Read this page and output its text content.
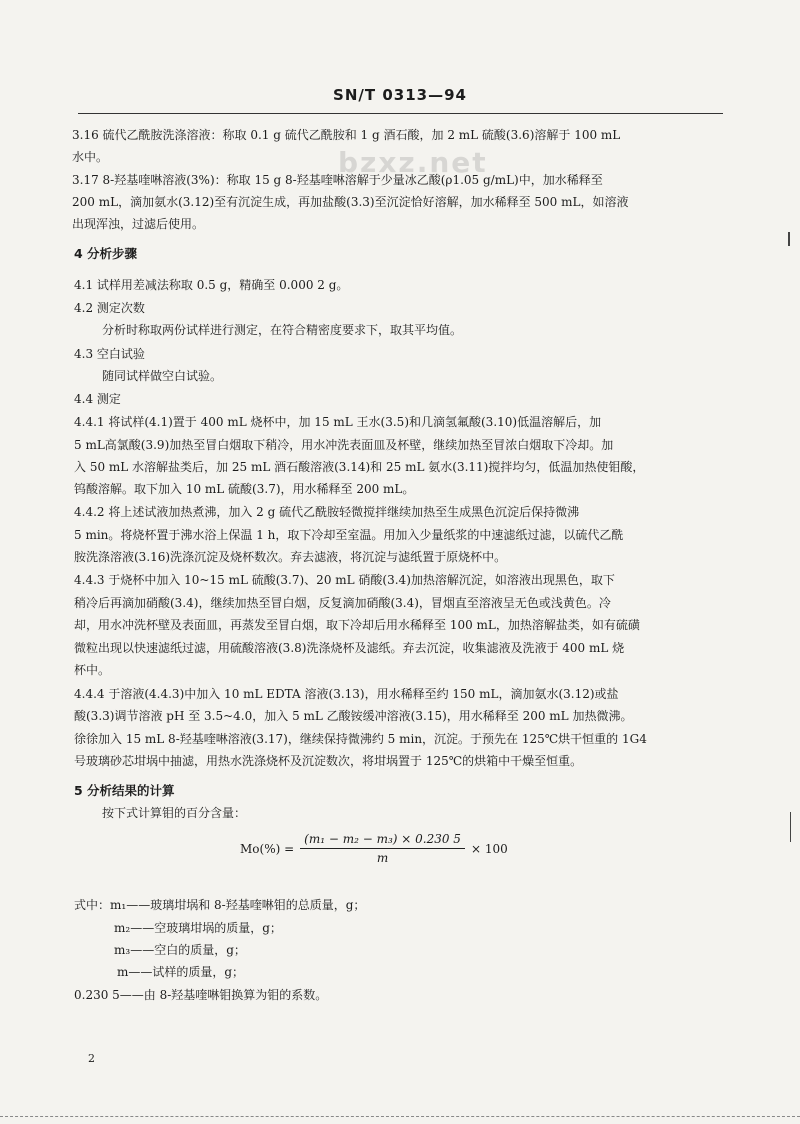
bzxz.net
SN/T 0313—94
3.16 硫代乙酰胺洗涤溶液：称取 0.1 g 硫代乙酰胺和 1 g 酒石酸，加 2 mL 硫酸(3.6)溶解于 100 mL
水中。
3.17 8-羟基喹啉溶液(3%)：称取 15 g 8-羟基喹啉溶解于少量冰乙酸(ρ1.05 g/mL)中，加水稀释至
200 mL，滴加氨水(3.12)至有沉淀生成，再加盐酸(3.3)至沉淀恰好溶解，加水稀释至 500 mL，如溶液
出现浑浊，过滤后使用。
4 分析步骤
4.1 试样用差减法称取 0.5 g，精确至 0.000 2 g。
4.2 测定次数
分析时称取两份试样进行测定，在符合精密度要求下，取其平均值。
4.3 空白试验
随同试样做空白试验。
4.4 测定
4.4.1 将试样(4.1)置于 400 mL 烧杯中，加 15 mL 王水(3.5)和几滴氢氟酸(3.10)低温溶解后，加
5 mL高氯酸(3.9)加热至冒白烟取下稍冷，用水冲洗表面皿及杯壁，继续加热至冒浓白烟取下冷却。加
入 50 mL 水溶解盐类后，加 25 mL 酒石酸溶液(3.14)和 25 mL 氨水(3.11)搅拌均匀，低温加热使钼酸，
钨酸溶解。取下加入 10 mL 硫酸(3.7)，用水稀释至 200 mL。
4.4.2 将上述试液加热煮沸，加入 2 g 硫代乙酰胺轻微搅拌继续加热至生成黑色沉淀后保持微沸
5 min。将烧杯置于沸水浴上保温 1 h，取下冷却至室温。用加入少量纸浆的中速滤纸过滤，以硫代乙酰
胺洗涤溶液(3.16)洗涤沉淀及烧杯数次。弃去滤液，将沉淀与滤纸置于原烧杯中。
4.4.3 于烧杯中加入 10~15 mL 硫酸(3.7)、20 mL 硝酸(3.4)加热溶解沉淀，如溶液出现黑色，取下
稍冷后再滴加硝酸(3.4)，继续加热至冒白烟，反复滴加硝酸(3.4)，冒烟直至溶液呈无色或浅黄色。冷
却，用水冲洗杯壁及表面皿，再蒸发至冒白烟，取下冷却后用水稀释至 100 mL，加热溶解盐类，如有硫磺
微粒出现以快速滤纸过滤，用硫酸溶液(3.8)洗涤烧杯及滤纸。弃去沉淀，收集滤液及洗液于 400 mL 烧
杯中。
4.4.4 于溶液(4.4.3)中加入 10 mL EDTA 溶液(3.13)，用水稀释至约 150 mL，滴加氨水(3.12)或盐
酸(3.3)调节溶液 pH 至 3.5~4.0，加入 5 mL 乙酸铵缓冲溶液(3.15)，用水稀释至 200 mL 加热微沸。
徐徐加入 15 mL 8-羟基喹啉溶液(3.17)，继续保持微沸约 5 min，沉淀。于预先在 125℃烘干恒重的 1G4
号玻璃砂芯坩埚中抽滤，用热水洗涤烧杯及沉淀数次，将坩埚置于 125℃的烘箱中干燥至恒重。
5 分析结果的计算
按下式计算钼的百分含量：
式中：m₁——玻璃坩埚和 8-羟基喹啉钼的总质量，g；
m₂——空玻璃坩埚的质量，g；
m₃——空白的质量，g；
m——试样的质量，g；
0.230 5——由 8-羟基喹啉钼换算为钼的系数。
$Mo(\%) = \frac{\text{(m₁ − m₂ − m₃) × 0.230 5}}{m} \times 100$
2
